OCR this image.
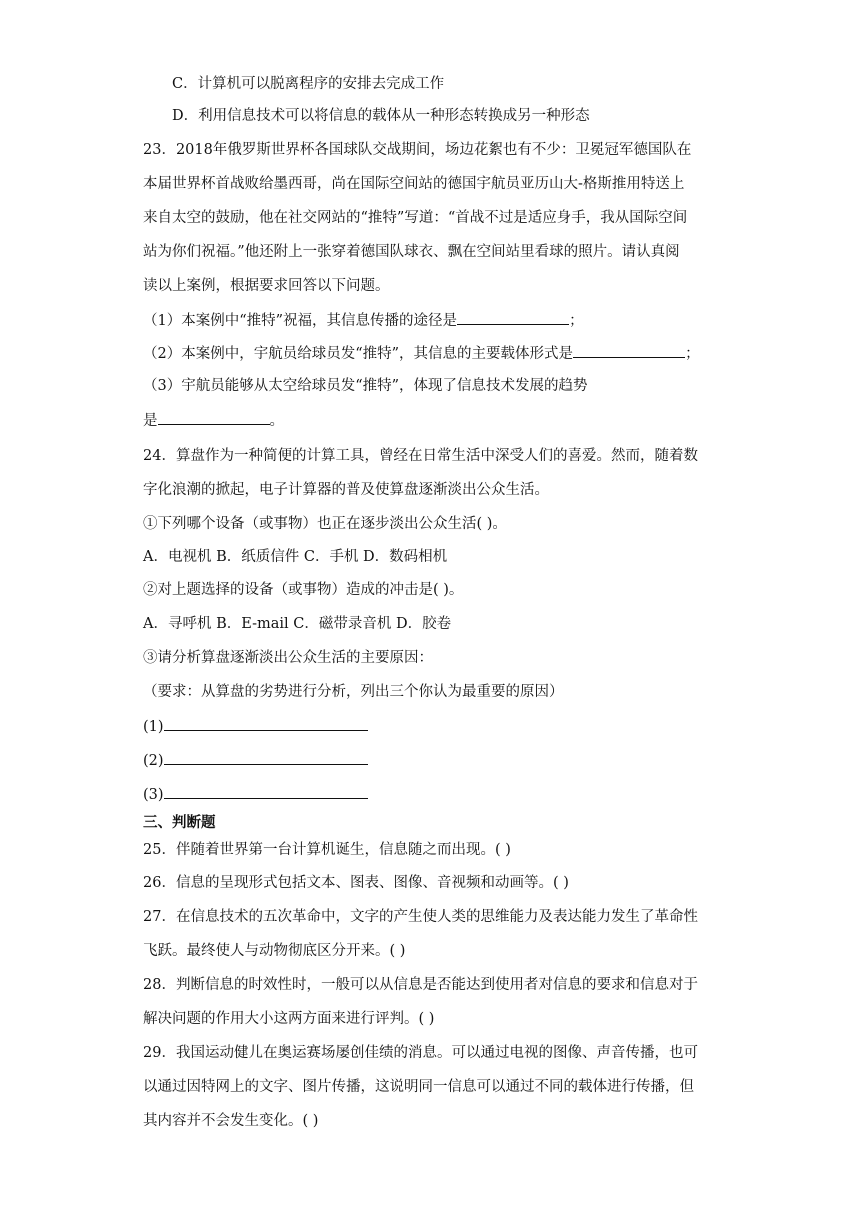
C．计算机可以脱离程序的安排去完成工作
D．利用信息技术可以将信息的载体从一种形态转换成另一种形态
23．2018年俄罗斯世界杯各国球队交战期间，场边花絮也有不少：卫冕冠军德国队在
本届世界杯首战败给墨西哥，尚在国际空间站的德国宇航员亚历山大-格斯推用特送上
来自太空的鼓励，他在社交网站的“推特”写道：“首战不过是适应身手，我从国际空间
站为你们祝福。”他还附上一张穿着德国队球衣、飘在空间站里看球的照片。请认真阅
读以上案例，根据要求回答以下问题。
（1）本案例中“推特”祝福，其信息传播的途径是	；
（2）本案例中，宇航员给球员发“推特”，其信息的主要载体形式是	；
（3）宇航员能够从太空给球员发“推特”，体现了信息技术发展的趋势
是	。
24．算盘作为一种简便的计算工具，曾经在日常生活中深受人们的喜爱。然而，随着数
字化浪潮的掀起，电子计算器的普及使算盘逐渐淡出公众生活。
①下列哪个设备（或事物）也正在逐步淡出公众生活( )。
A．电视机 B．纸质信件 C．手机 D．数码相机
②对上题选择的设备（或事物）造成的冲击是( )。
A．寻呼机 B．E-mail C．磁带录音机 D．胶卷
③请分析算盘逐渐淡出公众生活的主要原因：
（要求：从算盘的劣势进行分析，列出三个你认为最重要的原因）
(1)
(2)
(3)
三、判断题
25．伴随着世界第一台计算机诞生，信息随之而出现。( )
26．信息的呈现形式包括文本、图表、图像、音视频和动画等。( )
27．在信息技术的五次革命中，文字的产生使人类的思维能力及表达能力发生了革命性
飞跃。最终使人与动物彻底区分开来。( )
28．判断信息的时效性时，一般可以从信息是否能达到使用者对信息的要求和信息对于
解决问题的作用大小这两方面来进行评判。( )
29．我国运动健儿在奥运赛场屡创佳绩的消息。可以通过电视的图像、声音传播，也可
以通过因特网上的文字、图片传播，这说明同一信息可以通过不同的载体进行传播，但
其内容并不会发生变化。( )
